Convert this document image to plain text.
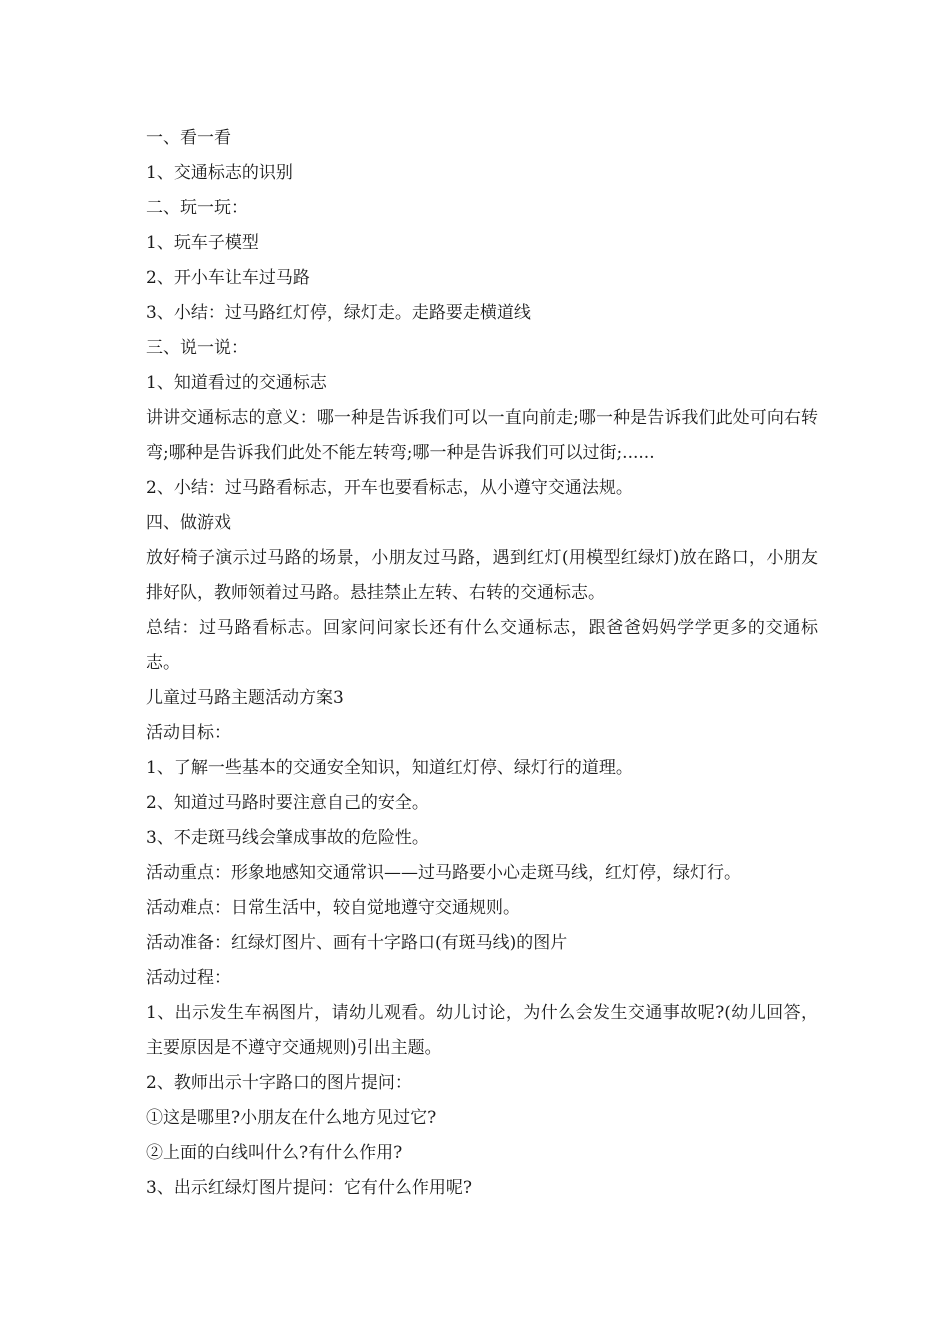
一、看一看
1、交通标志的识别
二、玩一玩：
1、玩车子模型
2、开小车让车过马路
3、小结：过马路红灯停，绿灯走。走路要走横道线
三、说一说：
1、知道看过的交通标志
讲讲交通标志的意义：哪一种是告诉我们可以一直向前走;哪一种是告诉我们此处可向右转弯;哪种是告诉我们此处不能左转弯;哪一种是告诉我们可以过街;......
2、小结：过马路看标志，开车也要看标志，从小遵守交通法规。
四、做游戏
放好椅子演示过马路的场景，小朋友过马路，遇到红灯(用模型红绿灯)放在路口，小朋友排好队，教师领着过马路。悬挂禁止左转、右转的交通标志。
总结：过马路看标志。回家问问家长还有什么交通标志，跟爸爸妈妈学学更多的交通标志。
儿童过马路主题活动方案3
活动目标：
1、了解一些基本的交通安全知识，知道红灯停、绿灯行的道理。
2、知道过马路时要注意自己的安全。
3、不走斑马线会肇成事故的危险性。
活动重点：形象地感知交通常识——过马路要小心走斑马线，红灯停，绿灯行。
活动难点：日常生活中，较自觉地遵守交通规则。
活动准备：红绿灯图片、画有十字路口(有斑马线)的图片
活动过程：
1、出示发生车祸图片，请幼儿观看。幼儿讨论，为什么会发生交通事故呢?(幼儿回答，主要原因是不遵守交通规则)引出主题。
2、教师出示十字路口的图片提问：
①这是哪里?小朋友在什么地方见过它?
②上面的白线叫什么?有什么作用?
3、出示红绿灯图片提问：它有什么作用呢?
